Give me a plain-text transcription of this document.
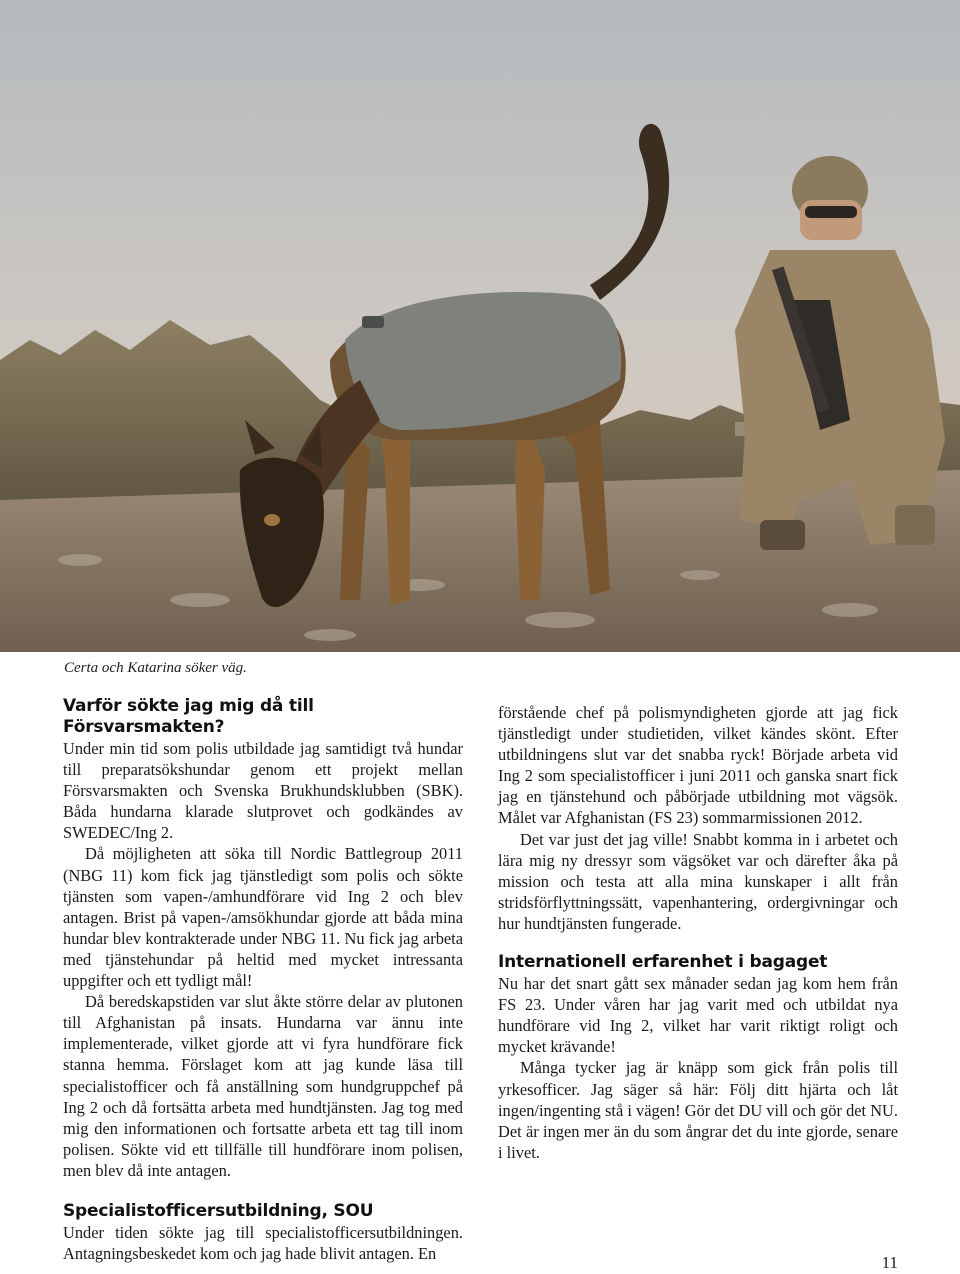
Certa och Katarina söker väg.
Varför sökte jag mig då till Försvarsmakten?

Under min tid som polis utbildade jag samtidigt två hundar till preparatsökshundar genom ett projekt mellan Försvarsmakten och Svenska Brukhundsklubben (SBK). Båda hundarna klarade slutprovet och godkändes av SWEDEC/Ing 2.

Då möjligheten att söka till Nordic Battlegroup 2011 (NBG 11) kom fick jag tjänstledigt som polis och sökte tjänsten som vapen-/amhundförare vid Ing 2 och blev antagen. Brist på vapen-/amsökhundar gjorde att båda mina hundar blev kontrakterade under NBG 11. Nu fick jag arbeta med tjänstehundar på heltid med mycket intressanta uppgifter och ett tydligt mål!

Då beredskapstiden var slut åkte större delar av plutonen till Afghanistan på insats. Hundarna var ännu inte implementerade, vilket gjorde att vi fyra hundförare fick stanna hemma. Förslaget kom att jag kunde läsa till specialistofficer och få anställning som hundgruppchef på Ing 2 och då fortsätta arbeta med hundtjänsten. Jag tog med mig den informationen och fortsatte arbeta ett tag till inom polisen. Sökte vid ett tillfälle till hundförare inom polisen, men blev då inte antagen.

Specialistofficersutbildning, SOU

Under tiden sökte jag till specialistofficersutbildningen. Antagningsbeskedet kom och jag hade blivit antagen. En

förstående chef på polismyndigheten gjorde att jag fick tjänstledigt under studietiden, vilket kändes skönt. Efter utbildningens slut var det snabba ryck! Började arbeta vid Ing 2 som specialistofficer i juni 2011 och ganska snart fick jag en tjänstehund och påbörjade utbildning mot vägsök. Målet var Afghanistan (FS 23) sommarmissionen 2012.

Det var just det jag ville! Snabbt komma in i arbetet och lära mig ny dressyr som vägsöket var och därefter åka på mission och testa att alla mina kunskaper i allt från stridsförflyttningssätt, vapenhantering, ordergivningar och hur hundtjänsten fungerade.

Internationell erfarenhet i bagaget

Nu har det snart gått sex månader sedan jag kom hem från FS 23. Under våren har jag varit med och utbildat nya hundförare vid Ing 2, vilket har varit riktigt roligt och mycket krävande!

Många tycker jag är knäpp som gick från polis till yrkesofficer. Jag säger så här: Följ ditt hjärta och låt ingen/ingenting stå i vägen! Gör det DU vill och gör det NU. Det är ingen mer än du som ångrar det du inte gjorde, senare i livet.

11
